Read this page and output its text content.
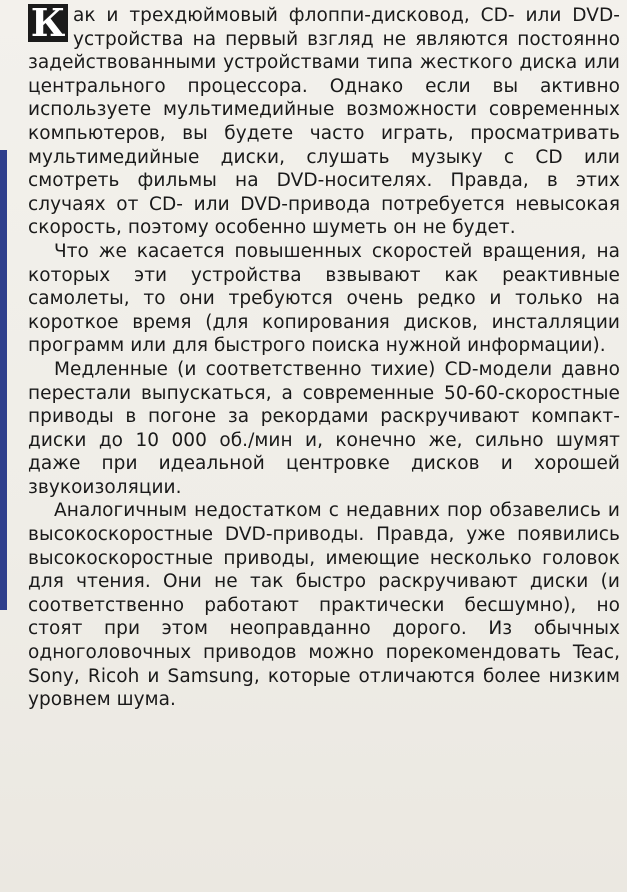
К ак и трехдюймовый флоппи-дисковод, CD- или DVD-устройства на первый взгляд не являются постоянно задействованными устройствами типа жесткого диска или центрального процессора. Однако если вы активно используете мультимедийные возможности современных компьютеров, вы будете часто играть, просматривать мультимедийные диски, слушать музыку с CD или смотреть фильмы на DVD-носителях. Правда, в этих случаях от CD- или DVD-привода потребуется невысокая скорость, поэтому особенно шуметь он не будет.

Что же касается повышенных скоростей вращения, на которых эти устройства взвывают как реактивные самолеты, то они требуются очень редко и только на короткое время (для копирования дисков, инсталляции программ или для быстрого поиска нужной информации).

Медленные (и соответственно тихие) CD-модели давно перестали выпускаться, а современные 50-60-скоростные приводы в погоне за рекордами раскручивают компакт-диски до 10 000 об./мин и, конечно же, сильно шумят даже при идеальной центровке дисков и хорошей звукоизоляции.

Аналогичным недостатком с недавних пор обзавелись и высокоскоростные DVD-приводы. Правда, уже появились высокоскоростные приводы, имеющие несколько головок для чтения. Они не так быстро раскручивают диски (и соответственно работают практически бесшумно), но стоят при этом неоправданно дорого. Из обычных одноголовочных приводов можно порекомендовать Teac, Sony, Ricoh и Samsung, которые отличаются более низким уровнем шума.
